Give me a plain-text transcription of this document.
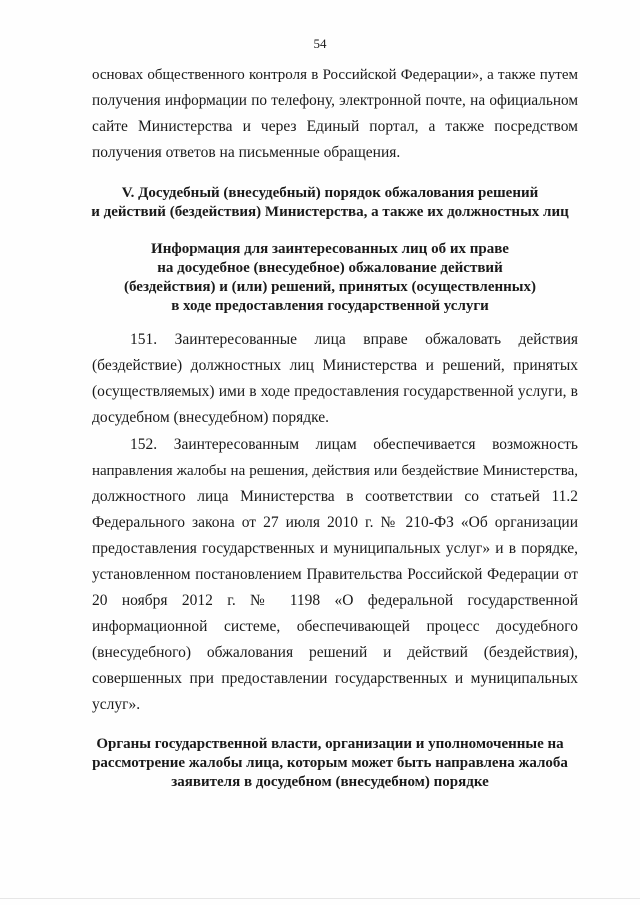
54
основах общественного контроля в Российской Федерации», а также путем
получения информации по телефону, электронной почте, на официальном
сайте Министерства и через Единый портал, а также посредством
получения ответов на письменные обращения.
V. Досудебный (внесудебный) порядок обжалования решений
и действий (бездействия) Министерства, а также их должностных лиц
Информация для заинтересованных лиц об их праве
на досудебное (внесудебное) обжалование действий
(бездействия) и (или) решений, принятых (осуществленных)
в ходе предоставления государственной услуги
151. Заинтересованные лица вправе обжаловать действия
(бездействие) должностных лиц Министерства и решений, принятых
(осуществляемых) ими в ходе предоставления государственной услуги, в
досудебном (внесудебном) порядке.
152. Заинтересованным лицам обеспечивается возможность
направления жалобы на решения, действия или бездействие Министерства,
должностного лица Министерства в соответствии со статьей 11.2
Федерального закона от 27 июля 2010 г. № 210-ФЗ «Об организации
предоставления государственных и муниципальных услуг» и в порядке,
установленном постановлением Правительства Российской Федерации от
20 ноября 2012 г. № 1198 «О федеральной государственной
информационной системе, обеспечивающей процесс досудебного
(внесудебного) обжалования решений и действий (бездействия),
совершенных при предоставлении государственных и муниципальных
услуг».
Органы государственной власти, организации и уполномоченные на
рассмотрение жалобы лица, которым может быть направлена жалоба
заявителя в досудебном (внесудебном) порядке
